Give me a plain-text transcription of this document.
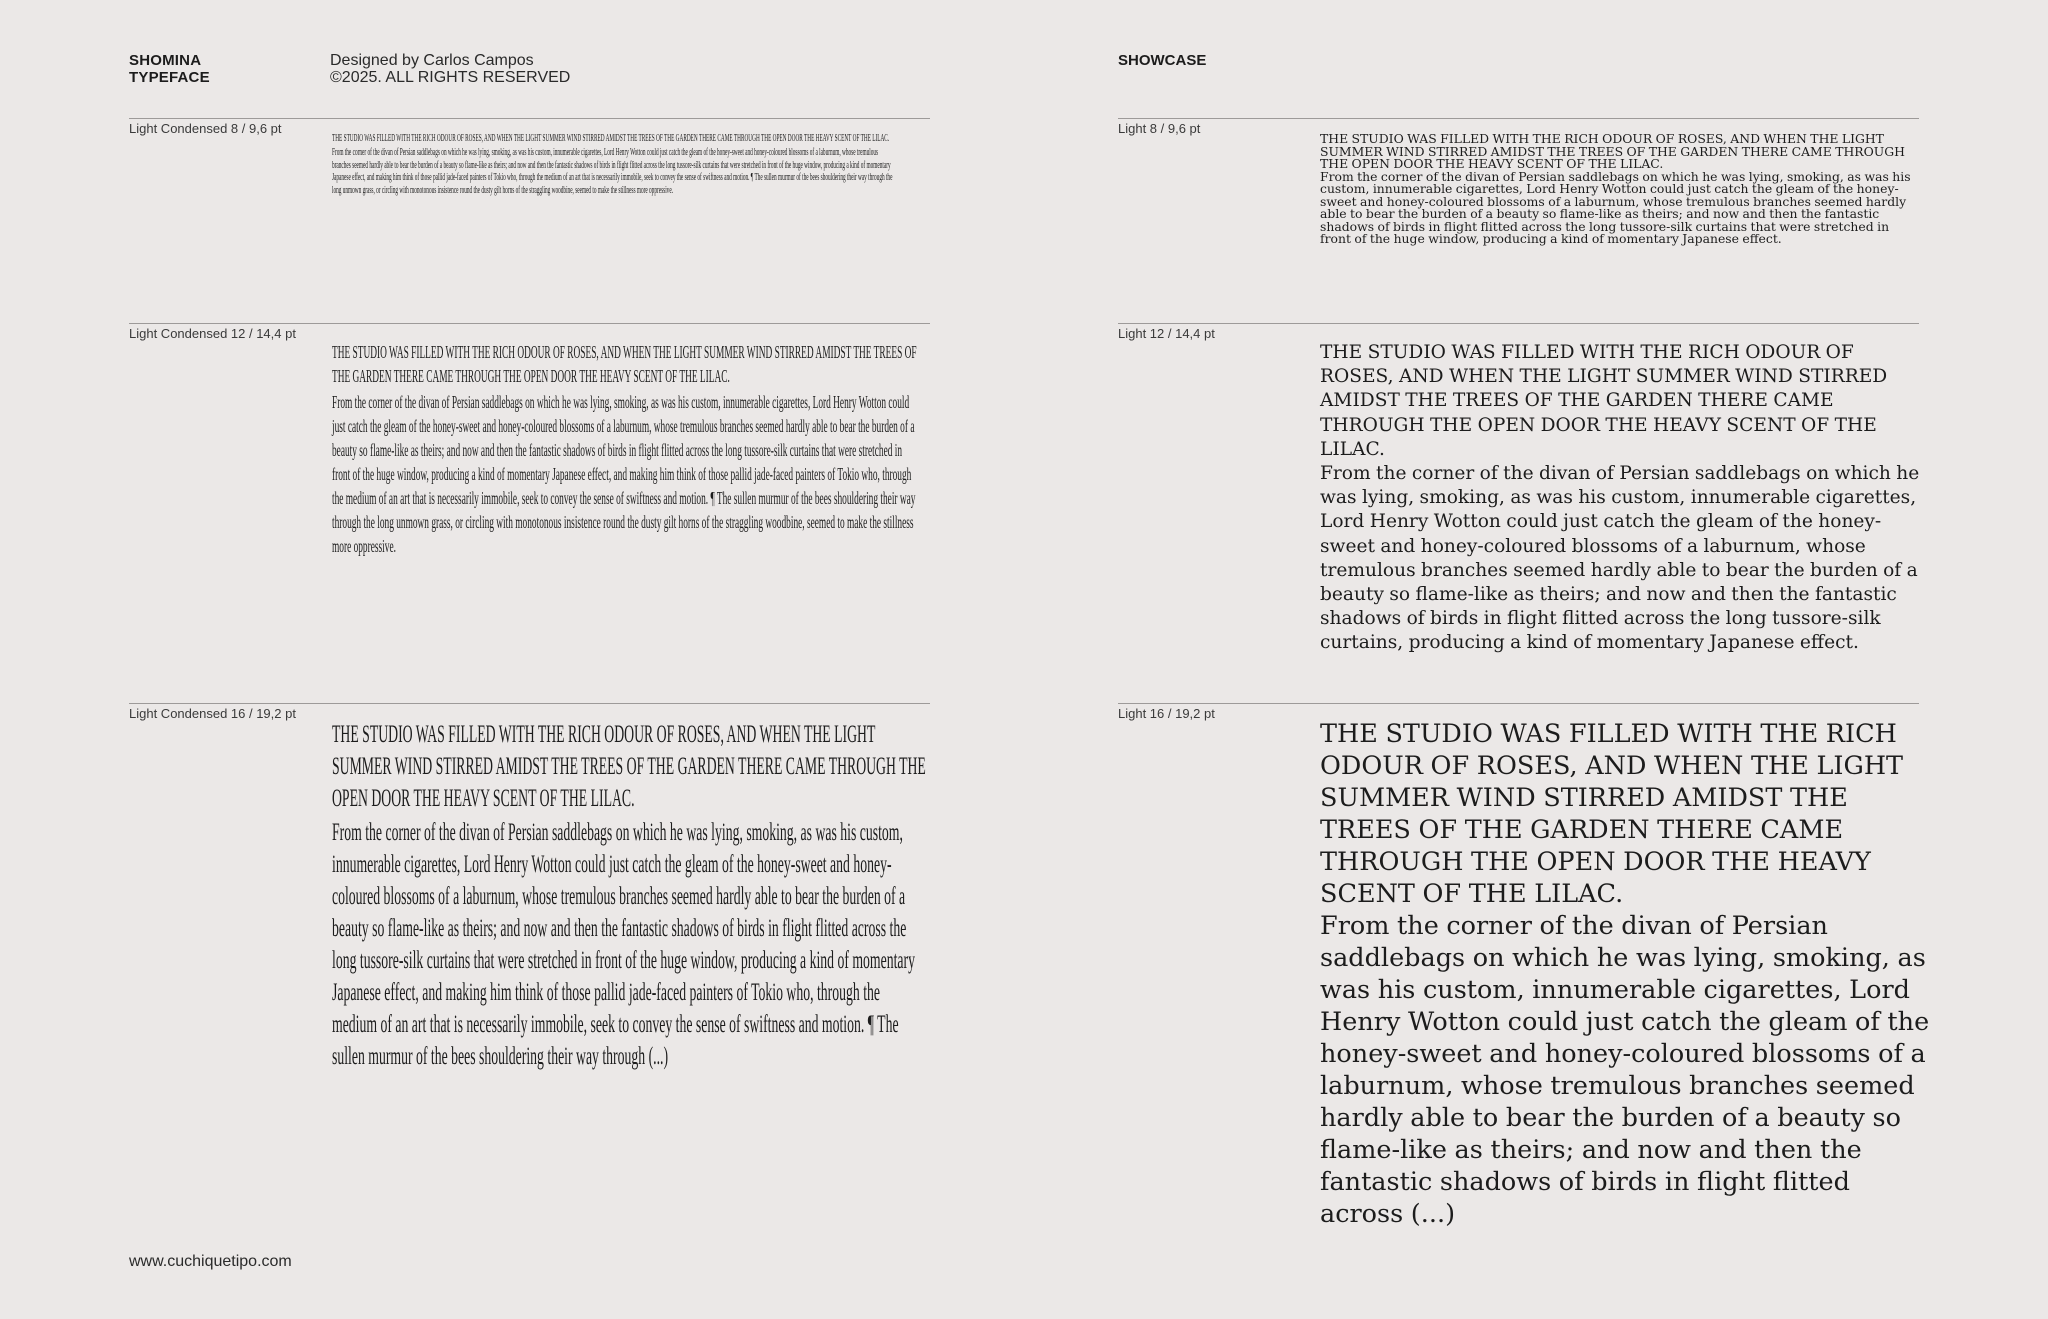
SHOMINA
TYPEFACE
Designed by Carlos Campos
©2025. ALL RIGHTS RESERVED
SHOWCASE
Light Condensed 8 / 9,6 pt
Light Condensed 12 / 14,4 pt
Light Condensed 16 / 19,2 pt

THE STUDIO WAS FILLED WITH THE RICH ODOUR OF ROSES, AND WHEN THE LIGHT SUMMER WIND STIRRED AMIDST THE TREES OF THE GARDEN THERE CAME THROUGH THE OPEN DOOR THE HEAVY SCENT OF THE LILAC.

From the corner of the divan of Persian saddlebags on which he was lying, smoking, as was his custom, innumerable cigarettes, Lord Henry Wotton could just catch the gleam of the honey-sweet and honey-coloured blossoms of a laburnum, whose tremulous branches seemed hardly able to bear the burden of a beauty so flame-like as theirs; and now and then the fantastic shadows of birds in flight flitted across the long tussore-silk curtains that were stretched in front of the huge window, producing a kind of momentary Japanese effect, and making him think of those pallid jade-faced painters of Tokio who, through the medium of an art that is necessarily immobile, seek to convey the sense of swiftness and motion. ¶ The sullen murmur of the bees shouldering their way through the long unmown grass, or circling with monotonous insistence round the dusty gilt horns of the straggling woodbine, seemed to make the stillness more oppressive.

THE STUDIO WAS FILLED WITH THE RICH ODOUR OF ROSES, AND WHEN THE LIGHT SUMMER WIND STIRRED AMIDST THE TREES OF THE GARDEN THERE CAME THROUGH THE OPEN DOOR THE HEAVY SCENT OF THE LILAC.

From the corner of the divan of Persian saddlebags on which he was lying, smoking, as was his custom, innumerable cigarettes, Lord Henry Wotton could just catch the gleam of the honey-sweet and honey-coloured blossoms of a laburnum, whose tremulous branches seemed hardly able to bear the burden of a beauty so flame-like as theirs; and now and then the fantastic shadows of birds in flight flitted across the long tussore-silk curtains that were stretched in front of the huge window, producing a kind of momentary Japanese effect, and making him think of those pallid jade-faced painters of Tokio who, through the medium of an art that is necessarily immobile, seek to convey the sense of swiftness and motion. ¶ The sullen murmur of the bees shouldering their way through the long unmown grass, or circling with monotonous insistence round the dusty gilt horns of the straggling woodbine, seemed to make the stillness more oppressive.

THE STUDIO WAS FILLED WITH THE RICH ODOUR OF ROSES, AND WHEN THE LIGHT SUMMER WIND STIRRED AMIDST THE TREES OF THE GARDEN THERE CAME THROUGH THE OPEN DOOR THE HEAVY SCENT OF THE LILAC.

From the corner of the divan of Persian saddlebags on which he was lying, smoking, as was his custom, innumerable cigarettes, Lord Henry Wotton could just catch the gleam of the honey-sweet and honey-coloured blossoms of a laburnum, whose tremulous branches seemed hardly able to bear the burden of a beauty so flame-like as theirs; and now and then the fantastic shadows of birds in flight flitted across the long tussore-silk curtains that were stretched in front of the huge window, producing a kind of momentary Japanese effect, and making him think of those pallid jade-faced painters of Tokio who, through the medium of an art that is necessarily immobile, seek to convey the sense of swiftness and motion. ¶ The sullen murmur of the bees shouldering their way through (...)

Light 8 / 9,6 pt
Light 12 / 14,4 pt
Light 16 / 19,2 pt

THE STUDIO WAS FILLED WITH THE RICH ODOUR OF ROSES, AND WHEN THE LIGHT SUMMER WIND STIRRED AMIDST THE TREES OF THE GARDEN THERE CAME THROUGH THE OPEN DOOR THE HEAVY SCENT OF THE LILAC.

From the corner of the divan of Persian saddlebags on which he was lying, smoking, as was his custom, innumerable cigarettes, Lord Henry Wotton could just catch the gleam of the honey-sweet and honey-coloured blossoms of a laburnum, whose tremulous branches seemed hardly able to bear the burden of a beauty so flame-like as theirs; and now and then the fantastic shadows of birds in flight flitted across the long tussore-silk curtains that were stretched in front of the huge window, producing a kind of momentary Japanese effect.

THE STUDIO WAS FILLED WITH THE RICH ODOUR OF ROSES, AND WHEN THE LIGHT SUMMER WIND STIRRED AMIDST THE TREES OF THE GARDEN THERE CAME THROUGH THE OPEN DOOR THE HEAVY SCENT OF THE LILAC.

From the corner of the divan of Persian saddlebags on which he was lying, smoking, as was his custom, innumerable cigarettes, Lord Henry Wotton could just catch the gleam of the honey-sweet and honey-coloured blossoms of a laburnum, whose tremulous branches seemed hardly able to bear the burden of a beauty so flame-like as theirs; and now and then the fantastic shadows of birds in flight flitted across the long tussore-silk curtains, producing a kind of momentary Japanese effect.

THE STUDIO WAS FILLED WITH THE RICH ODOUR OF ROSES, AND WHEN THE LIGHT SUMMER WIND STIRRED AMIDST THE TREES OF THE GARDEN THERE CAME THROUGH THE OPEN DOOR THE HEAVY SCENT OF THE LILAC.

From the corner of the divan of Persian saddlebags on which he was lying, smoking, as was his custom, innumerable cigarettes, Lord Henry Wotton could just catch the gleam of the honey-sweet and honey-coloured blossoms of a laburnum, whose tremulous branches seemed hardly able to bear the burden of a beauty so flame-like as theirs; and now and then the fantastic shadows of birds in flight flitted across (...)

www.cuchiquetipo.com
